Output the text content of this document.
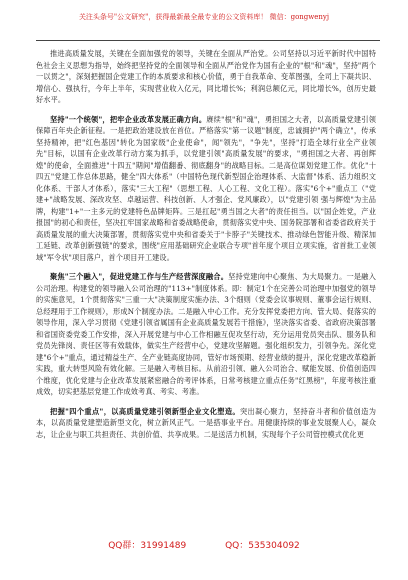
关注头条号"公文研究"，获得最新最全最专业的公文资料库！ 微信：gongwenyj

推进高质量发展，关键在全面加强党的领导，关键在全面从严治党。公司坚持以习近平新时代中国特色社会主义思想为指导，始终把坚持党的全面领导和全面从严治党作为国有企业的"根"和"魂"，坚持"两个一以贯之"，深刻把握国企党建工作的本质要求和核心价值，勇于自我革命、变革图强，全司上下凝共识、增信心、强执行，今年上半年，实现营业收入亿元，同比增长%；利润总额亿元，同比增长%，创历史最好水平。

坚持"一个统领"，把牢企业改革发展正确方向。赓续"根"和"魂"，勇担国之大者，以高质量党建引领保障百年央企新征程。一是把政治建设放在首位。严格落实"第一议题"制度，忠诚拥护"两个确立"，传承坚持精神，把"红色基因"转化为国家级"企业使命"，闻"领先"，"争先"，坚持"打造全球行业全产业领先"目标，以国有企业改革行动方案为抓手，以党建引领"高质量发展"的要求，"勇担国之大者、再创辉煌"的使命，全面推进"十四五"期间"增值翻番、彻底翻身"的战略目标。二是高位谋划党建工作。优化"十四五"党建工作总体思路，健全"四大体系"（中国特色现代新型国企治理体系、大监督"体系、活力组织文化体系、干部人才体系），落实"三大工程"（思想工程、人心工程、文化工程）。落实"6个+"重点工（"党建+"战略发展、深改攻坚、卓越运营、科技创新、人才强企、党风廉政），以"党建引领 强与辉煌"为主品牌，构建"1+"一主多元的党建特色品牌矩阵。三是扛起"勇当国之大者"的责任担当。以"国企姓党，产业报国"的初心和责任，坚决扛牢国家战略和省委战略使命，贯彻落实党中央、国务院部署和省委省政府关于高质量发展的重大决策部署，贯彻落实党中央和省委关于"卡脖子"关键技术、推动绿色智能升级、精深加工延链、改革创新强链"的要求，围绕"应用基础研究企业联合专项"首年度个项目立项实施，省首批工业领域"军令状"项目落户，首个项目开工建设。

聚焦"三个融入"，促进党建工作与生产经营深度融合。坚持党建向中心聚焦、为大局聚力。一是融入公司治理。构建党的领导融入公司治理的"113+"制度体系。即：制定1个在完善公司治理中加强党的领导的实施意见，1个贯彻落实"三重一大"决策制度实施办法、3个细则（党委会议事规则、董事会运行规则、总经理用于工作规则），形成N个制度办法。二是融入中心工作。充分发挥党委把方向、管大局、促落实的领导作用，深入学习贯彻《党建引领省属国有企业高质量发展若干措施》，坚决落实省委、省政府决策部署和省国资委党委工作安排，深入开展党建与中心工作相融互促攻坚行动，充分运用党员突击队、服务队和党员先锋岗、责任区等有效载体，做实生产经营中心，党建攻坚解题。强化组织发力，引领争先。深化党建"6个+"重点，通过精益生产、全产业链高度协同，管好市场预期、经营业绩的提升，深化党建改革稳新实践，重大转型风险有效化解。三是融入考核目标。从前沿引领、融入公司治合、赋能发展、价值创造四个维度，优化党建与企业改革发展紧密融合的考评体系，日常考核建立重点任务"红黑榜"，年度考核注重成效，切实把基层党建工作成效考真、考实、考准。

把握"四个重点"，以高质量党建引领新型企业文化塑造。突出凝心聚力，坚持奋斗者和价值创造为本，以高质量党建塑造新型文化，树立新风正气。一是搭事业平台。用健康持续的事业发展聚人心，凝众志，让企业与职工共担责任、共创价值、共享成果。二是送活力机制，实现每个子公司管控模式优化更

QQ群：31991489	QQ：535304092
